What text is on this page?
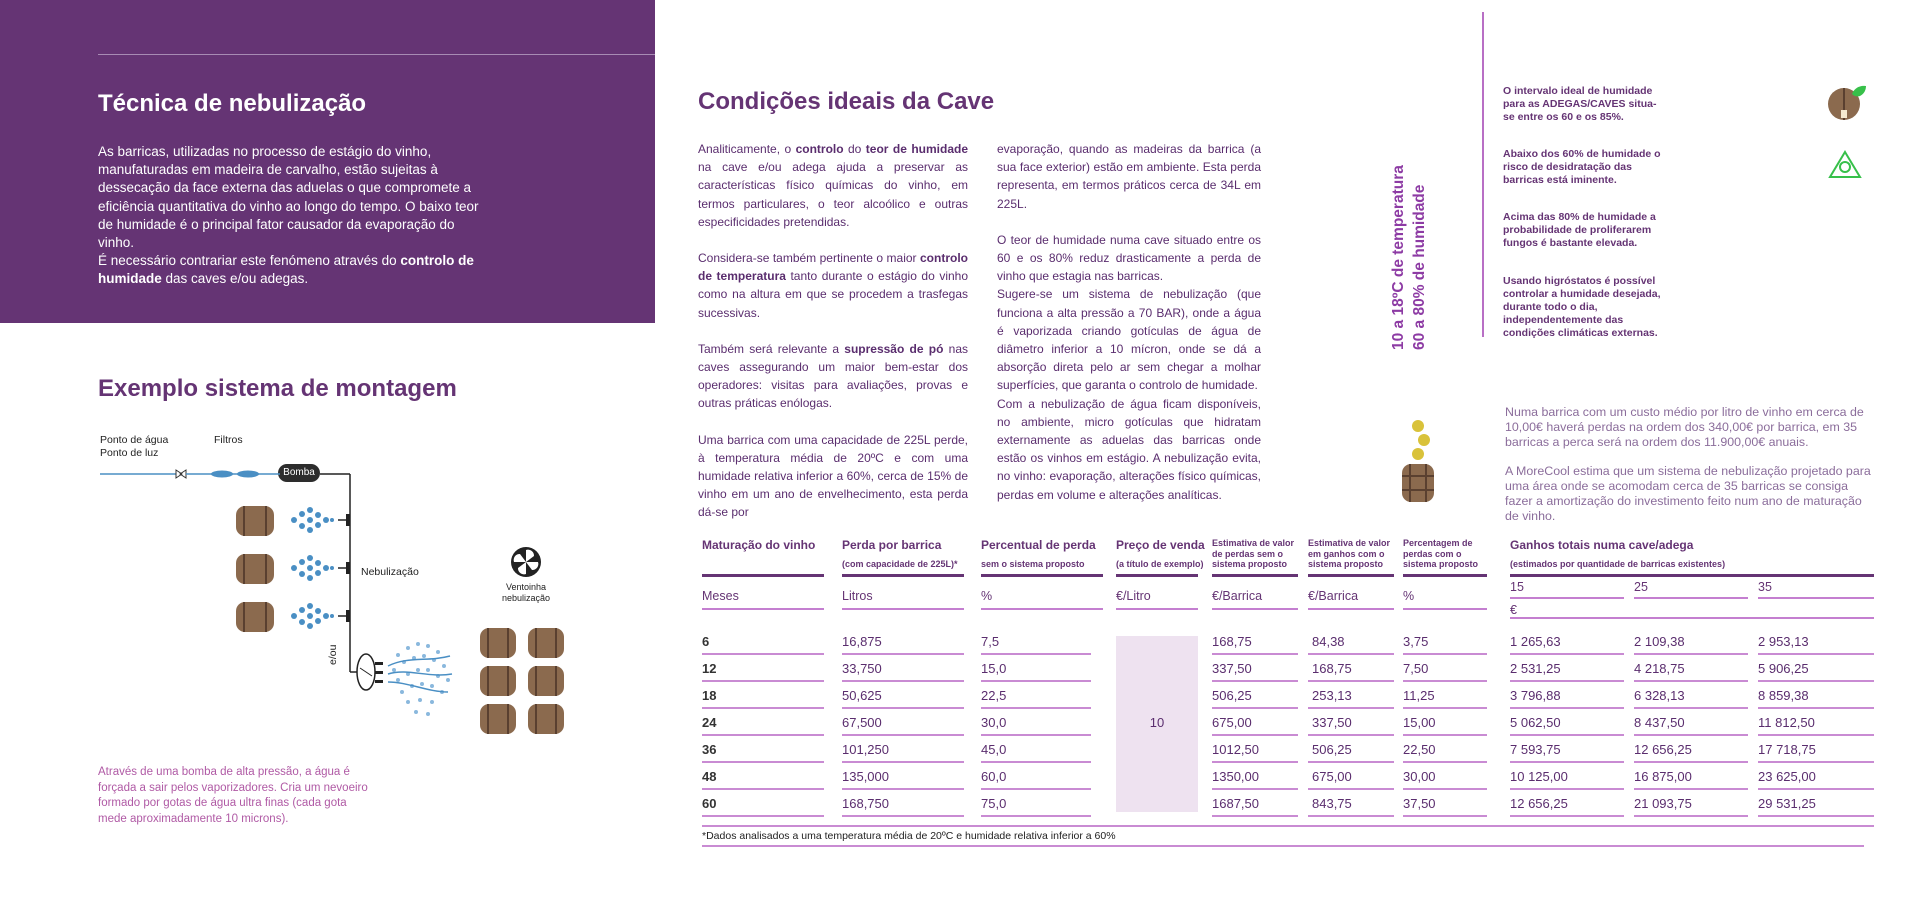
Técnica de nebulização
As barricas, utilizadas no processo de estágio do vinho, manufaturadas em madeira de carvalho, estão sujeitas à dessecação da face externa das aduelas o que compromete a eficiência quantitativa do vinho ao longo do tempo. O baixo teor de humidade é o principal fator causador da evaporação do vinho.
É necessário contrariar este fenómeno através do controlo de humidade das caves e/ou adegas.
Exemplo sistema de montagem
Ponto de água
Ponto de luz
Filtros
Bomba
Nebulização
Ventoinha nebulização
e/ou
Através de uma bomba de alta pressão, a água é forçada a sair pelos vaporizadores. Cria um nevoeiro formado por gotas de água ultra finas (cada gota mede aproximadamente 10 microns).
Condições ideais da Cave

Analiticamente, o controlo do teor de humidade na cave e/ou adega ajuda a preservar as características físico químicas do vinho, em termos particulares, o teor alcoólico e outras especificidades pretendidas.

Considera-se também pertinente o maior controlo de temperatura tanto durante o estágio do vinho como na altura em que se procedem a trasfegas sucessivas.

Também será relevante a supressão de pó nas caves assegurando um maior bem-estar dos operadores: visitas para avaliações, provas e outras práticas enólogas.

Uma barrica com uma capacidade de 225L perde, à temperatura média de 20ºC e com uma humidade relativa inferior a 60%, cerca de 15% de vinho em um ano de envelhecimento, esta perda dá-se por

evaporação, quando as madeiras da barrica (a sua face exterior) estão em ambiente. Esta perda representa, em termos práticos cerca de 34L em 225L.

O teor de humidade numa cave situado entre os 60 e os 80% reduz drasticamente a perda de vinho que estagia nas barricas.
Sugere-se um sistema de nebulização (que funciona a alta pressão a 70 BAR), onde a água é vaporizada criando gotículas de água de diâmetro inferior a 10 mícron, onde se dá a absorção direta pelo ar sem chegar a molhar superfícies, que garanta o controlo de humidade.
Com a nebulização de água ficam disponíveis, no ambiente, micro gotículas que hidratam externamente as aduelas das barricas onde estão os vinhos em estágio. A nebulização evita, no vinho: evaporação, alterações físico químicas, perdas em volume e alterações analíticas.
10 a 18ºC de temperatura 60 a 80% de humidade
O intervalo ideal de humidade para as ADEGAS/CAVES situa-se entre os 60 e os 85%.
Abaixo dos 60% de humidade o risco de desidratação das barricas está iminente.
Acima das 80% de humidade a probabilidade de proliferarem fungos é bastante elevada.
Usando higróstatos é possível controlar a humidade desejada, durante todo o dia, independentemente das condições climáticas externas.
Numa barrica com um custo médio por litro de vinho em cerca de 10,00€ haverá perdas na ordem dos 340,00€ por barrica, em 35 barricas a perca será na ordem dos 11.900,00€ anuais.
A MoreCool estima que um sistema de nebulização projetado para uma área onde se acomodam cerca de 35 barricas se consiga fazer a amortização do investimento feito num ano de maturação de vinho.
Maturação do vinho Perda por barrica
(com capacidade de 225L)*
Percentual de perda
sem o sistema proposto
Preço de venda
(a título de exemplo)
Estimativa de valor de perdas sem o sistema proposto
Estimativa de valor em ganhos com o sistema proposto
Percentagem de perdas com o sistema proposto
Ganhos totais numa cave/adega
(estimados por quantidade de barricas existentes)
Meses	Litros	%	€/Litro	€/Barrica	€/Barrica	%
15	25	35
€
10
6	16,875	7,5	168,75	84,38	3,75	1 265,63	2 109,38	2 953,13
12	33,750	15,0	337,50	168,75	7,50	2 531,25	4 218,75	5 906,25
18	50,625	22,5	506,25	253,13	11,25	3 796,88	6 328,13	8 859,38
24	67,500	30,0	675,00	337,50	15,00	5 062,50	8 437,50	11 812,50
36	101,250	45,0	1012,50	506,25	22,50	7 593,75	12 656,25	17 718,75
48	135,000	60,0	1350,00	675,00	30,00	10 125,00	16 875,00	23 625,00
60	168,750	75,0	1687,50	843,75	37,50	12 656,25	21 093,75	29 531,25
*Dados analisados a uma temperatura média de 20ºC e humidade relativa inferior a 60%
